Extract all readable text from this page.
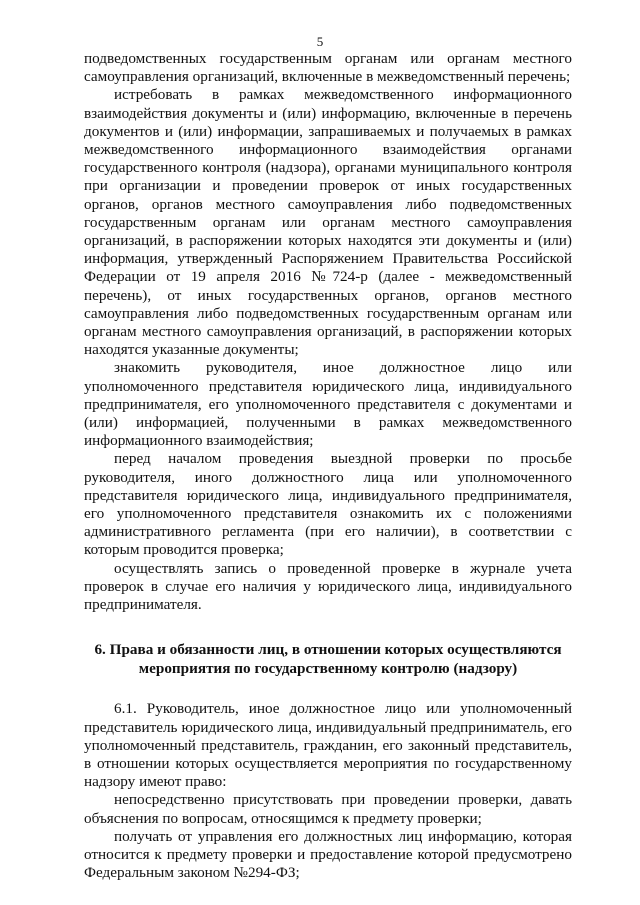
5

подведомственных государственным органам или органам местного самоуправления организаций, включенные в межведомственный перечень;

истребовать в рамках межведомственного информационного взаимодействия документы и (или) информацию, включенные в перечень документов и (или) информации, запрашиваемых и получаемых в рамках межведомственного информационного взаимодействия органами государственного контроля (надзора), органами муниципального контроля при организации и проведении проверок от иных государственных органов, органов местного самоуправления либо подведомственных государственным органам или органам местного самоуправления организаций, в распоряжении которых находятся эти документы и (или) информация, утвержденный Распоряжением Правительства Российской Федерации от 19 апреля 2016 №724-р (далее - межведомственный перечень), от иных государственных органов, органов местного самоуправления либо подведомственных государственным органам или органам местного самоуправления организаций, в распоряжении которых находятся указанные документы;

знакомить руководителя, иное должностное лицо или уполномоченного представителя юридического лица, индивидуального предпринимателя, его уполномоченного представителя с документами и (или) информацией, полученными в рамках межведомственного информационного взаимодействия;

перед началом проведения выездной проверки по просьбе руководителя, иного должностного лица или уполномоченного представителя юридического лица, индивидуального предпринимателя, его уполномоченного представителя ознакомить их с положениями административного регламента (при его наличии), в соответствии с которым проводится проверка;

осуществлять запись о проведенной проверке в журнале учета проверок в случае его наличия у юридического лица, индивидуального предпринимателя.

6. Права и обязанности лиц, в отношении которых осуществляются
мероприятия по государственному контролю (надзору)

6.1. Руководитель, иное должностное лицо или уполномоченный представитель юридического лица, индивидуальный предприниматель, его уполномоченный представитель, гражданин, его законный представитель, в отношении которых осуществляется мероприятия по государственному надзору имеют право:

непосредственно присутствовать при проведении проверки, давать объяснения по вопросам, относящимся к предмету проверки;

получать от управления его должностных лиц информацию, которая относится к предмету проверки и предоставление которой предусмотрено Федеральным законом №294-ФЗ;
